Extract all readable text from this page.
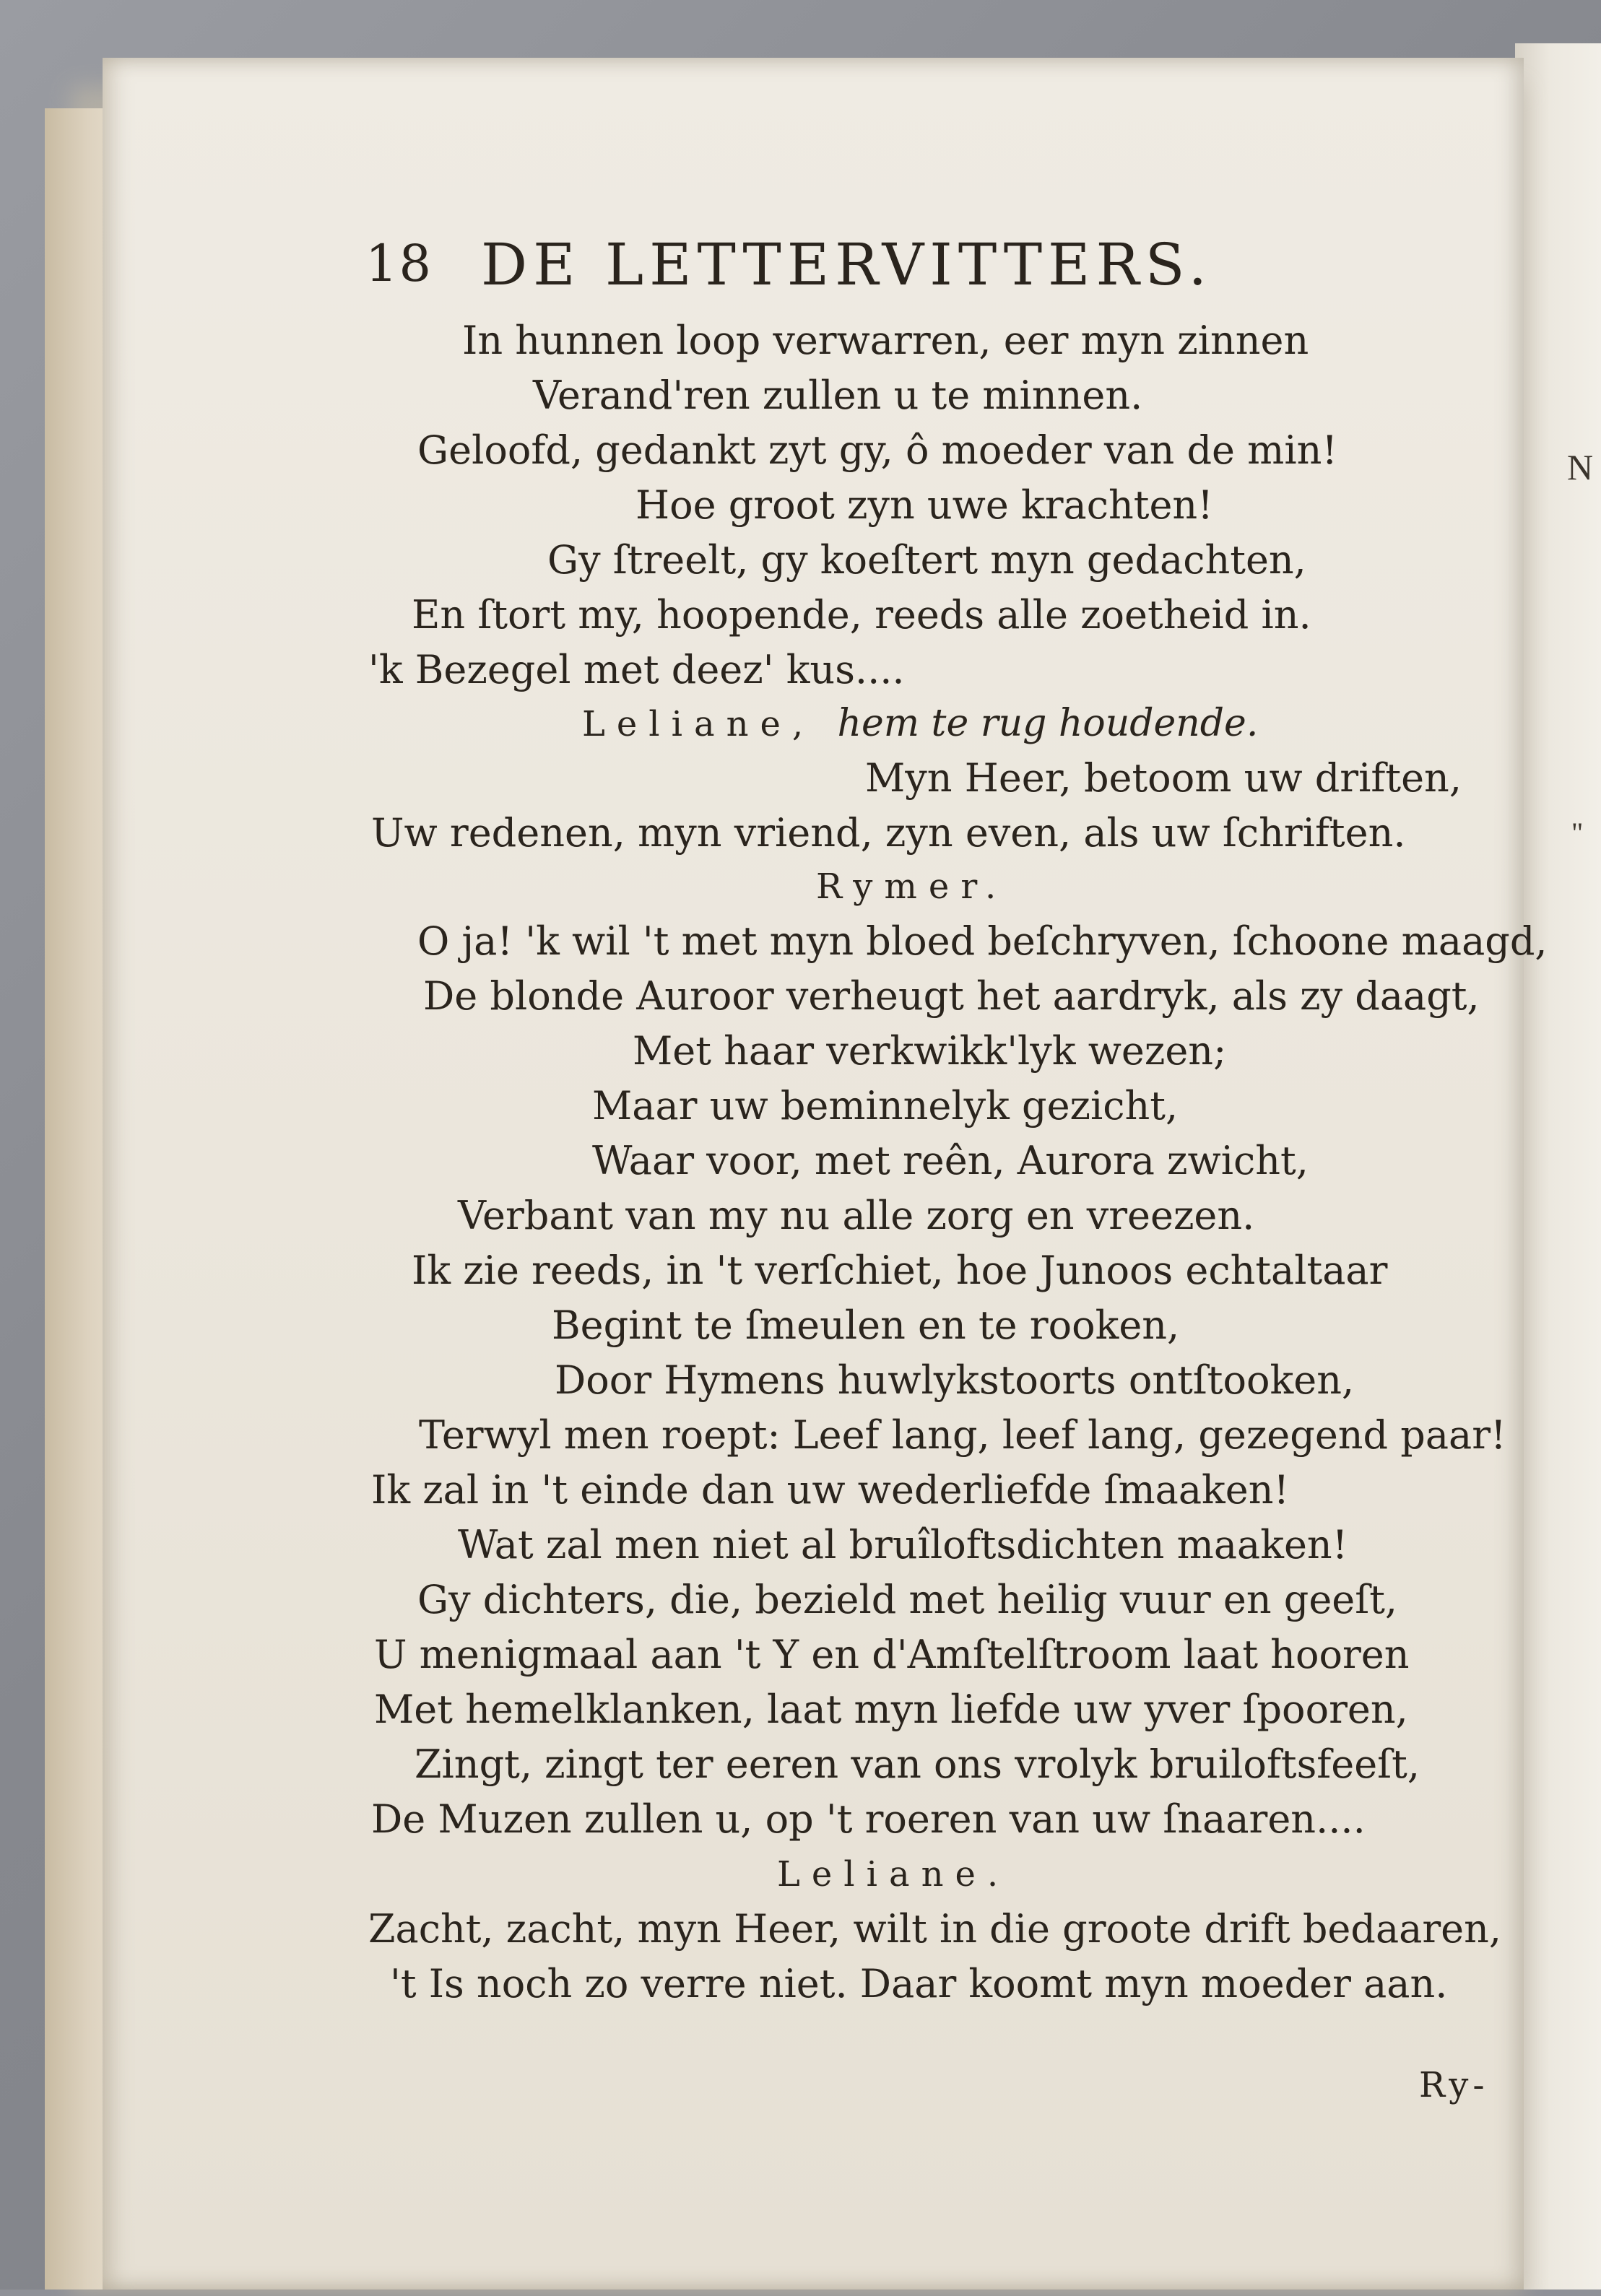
N
"
18 DE LETTERVITTERS.
In hunnen loop verwarren, eer myn zinnen
Verand'ren zullen u te minnen.
Geloofd, gedankt zyt gy, ô moeder van de min!
Hoe groot zyn uwe krachten!
Gy ſtreelt, gy koeſtert myn gedachten,
En ſtort my, hoopende, reeds alle zoetheid in.
'k Bezegel met deez' kus....
Leliane, hem te rug houdende.
Myn Heer, betoom uw driften,
Uw redenen, myn vriend, zyn even, als uw ſchriften.
Rymer.
O ja! 'k wil 't met myn bloed beſchryven, ſchoone maagd,
De blonde Auroor verheugt het aardryk, als zy daagt,
Met haar verkwikk'lyk wezen;
Maar uw beminnelyk gezicht,
Waar voor, met reên, Aurora zwicht,
Verbant van my nu alle zorg en vreezen.
Ik zie reeds, in 't verſchiet, hoe Junoos echtaltaar
Begint te ſmeulen en te rooken,
Door Hymens huwlykstoorts ontſtooken,
Terwyl men roept: Leef lang, leef lang, gezegend paar!
Ik zal in 't einde dan uw wederliefde ſmaaken!
Wat zal men niet al bruîloftsdichten maaken!
Gy dichters, die, bezield met heilig vuur en geeſt,
U menigmaal aan 't Y en d'Amſtelſtroom laat hooren
Met hemelklanken, laat myn liefde uw yver ſpooren,
Zingt, zingt ter eeren van ons vrolyk bruiloftsfeeſt,
De Muzen zullen u, op 't roeren van uw ſnaaren....
Leliane.
Zacht, zacht, myn Heer, wilt in die groote drift bedaaren,
't Is noch zo verre niet. Daar koomt myn moeder aan.
Ry-
